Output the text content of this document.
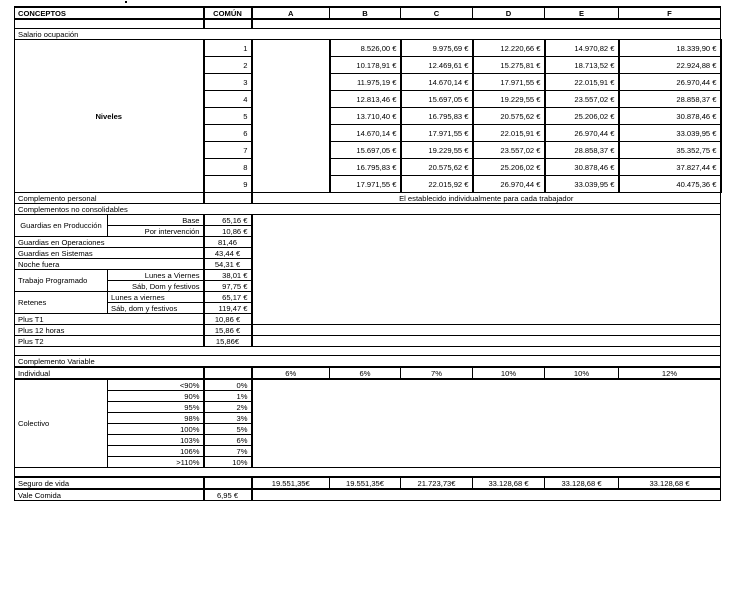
CONCEPTOS		COMÚN	A	B	C	D	E	F	

Salario ocupación									
Niveles		1		8.526,00 €	9.975,69 €	12.220,66 €	14.970,82 €	18.339,90 €	
		2		10.178,91 €	12.469,61 €	15.275,81 €	18.713,52 €	22.924,88 €	
		3		11.975,19 €	14.670,14 €	17.971,55 €	22.015,91 €	26.970,44 €	
		4		12.813,46 €	15.697,05 €	19.229,55 €	23.557,02 €	28.858,37 €	
		5		13.710,40 €	16.795,83 €	20.575,62 €	25.206,02 €	30.878,46 €	
		6		14.670,14 €	17.971,55 €	22.015,91 €	26.970,44 €	33.039,95 €	
		7		15.697,05 €	19.229,55 €	23.557,02 €	28.858,37 €	35.352,75 €	
		8		16.795,83 €	20.575,62 €	25.206,02 €	30.878,46 €	37.827,44 €	
		9		17.971,55 €	22.015,92 €	26.970,44 €	33.039,95 €	40.475,36 €	
Complemento personal			El establecido individualmente para cada trabajador						
Complementos no consolidables									
Guardias en Producción	Base	65,16 €							
	Por intervención	10,86 €							
Guardias en Operaciones		81,46							
Guardias en Sistemas		43,44 €							
Noche fuera		54,31 €							
Trabajo Programado	Lunes a Viernes	38,01 €							
	Sáb, Dom y festivos	97,75 €							
Retenes	Lunes a viernes	65,17 €							
	Sáb, dom y festivos	119,47 €							
Plus T1		10,86 €							
Plus 12 horas		15,86 €							
Plus T2		15,86€							

Complemento Variable									
Individual			6%	6%	7%	10%	10%	12%	
Colectivo	<90%	0%							
	90%	1%							
	95%	2%							
	98%	3%							
	100%	5%							
	103%	6%							
	106%	7%							
	>110%	10%							

Seguro de vida			19.551,35€	19.551,35€	21.723,73€	33.128,68 €	33.128,68 €	33.128,68 €	
Vale Comida		6,95 €							
